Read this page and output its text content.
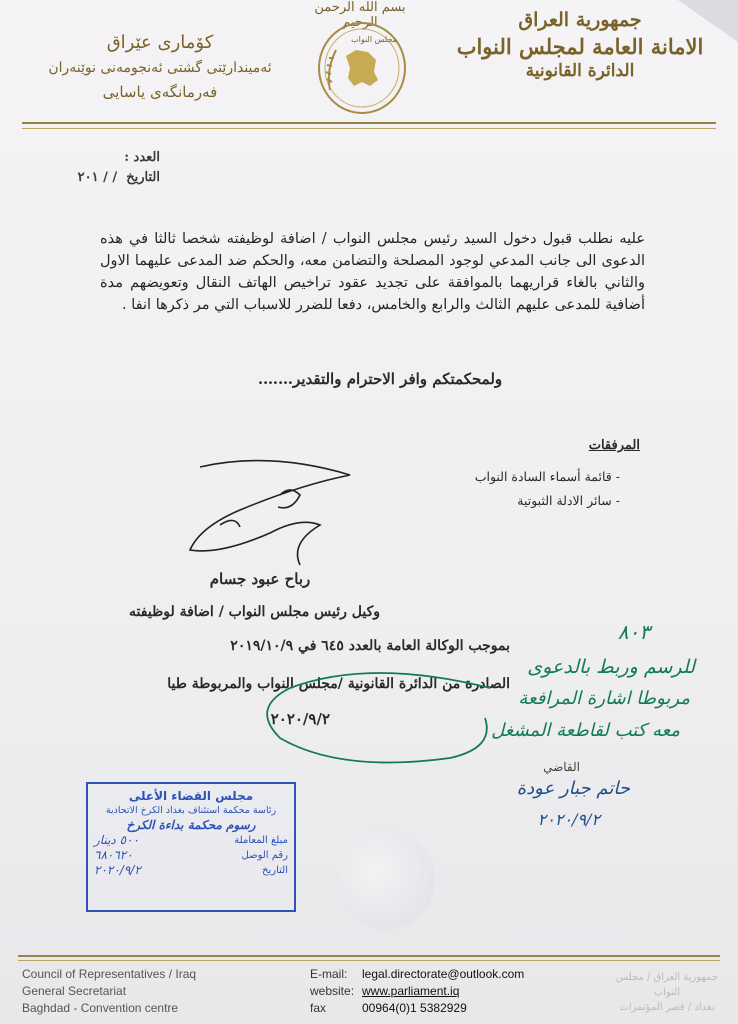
بسم الله الرحمن الرحيم	جمهورية العراق
الامانة العامة لمجلس النواب
الدائرة القانونية
مجلس النواب
كۆماری عێراق
ئەمیندارێتی گشتی ئەنجومەنی نوێنەران
فەرمانگەی یاسایی
العدد :
التاريخ  / / ٢٠١
عليه نطلب قبول دخول السيد رئيس مجلس النواب / اضافة لوظيفته شخصا ثالثا في هذه الدعوى الى جانب المدعي لوجود المصلحة والتضامن معه، والحكم ضد المدعى عليهما الاول والثاني بالغاء قراريهما بالموافقة على تجديد عقود تراخيص الهاتف النقال وتعويضهم مدة أضافية للمدعى عليهم الثالث والرابع والخامس، دفعا للضرر للاسباب التي مر ذكرها انفا .
ولمحكمتكم وافر الاحترام والتقدير…….
المرفقات
- قائمة أسماء السادة النواب
- سائر الادلة الثبوتية
رباح عبود جسام
وكيل رئيس مجلس النواب / اضافة لوظيفته
بموجب الوكالة العامة بالعدد ٦٤٥ في ٢٠١٩/١٠/٩
الصادرة من الدائرة القانونية /مجلس النواب والمربوطة طيا
٢٠٢٠/٩/٢
٨٠٣
للرسم وربط بالدعوى
مربوطا اشارة المرافعة
معه كتب لقاطعة المشغل
القاضي
حاتم جبار عودة
٢٠٢٠/٩/٢
مجلس القضاء الأعلى
رئاسة محكمة استئناف بغداد الكرخ الاتحادية
رسوم محكمة بداءة الكرخ
مبلغ المعاملة
٥٠٠ دينار
رقم الوصل
٦٨٠٦٢٠
التاريخ
٢٠٢٠/٩/٢
Council of Representatives / Iraq
General Secretariat
Baghdad - Convention centre
E-mail: legal.directorate@outlook.com
website: www.parliament.iq
fax	00964(0)1 5382929
جمهورية العراق / مجلس النواب
بغداد / قصر المؤتمرات
